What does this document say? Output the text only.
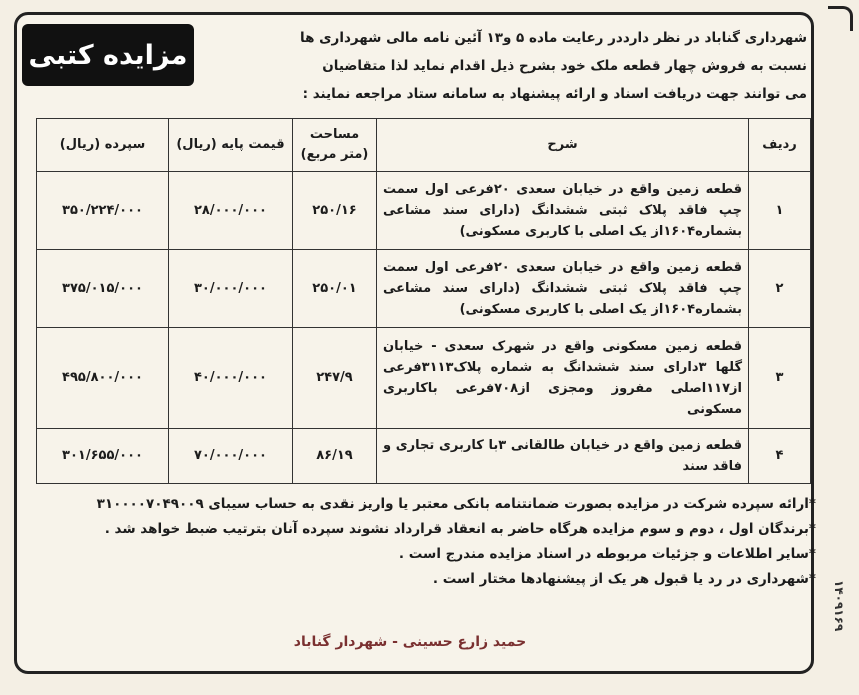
مزایده کتبی
شهرداری گناباد در نظر دارددر رعایت ماده ۵ و۱۳ آئین نامه مالی شهرداری ها
نسبت به فروش چهار قطعه ملک خود بشرح ذیل اقدام نماید لذا متقاضیان
می توانند جهت دریافت اسناد و ارائه پیشنهاد به سامانه ستاد مراجعه نمایند :
ردیف	شرح	مساحت (متر مربع)	قیمت پایه (ریال)	سپرده (ریال)
۱	قطعه زمین واقع در خیابان سعدی ۲۰فرعی اول سمت چپ فاقد پلاک ثبتی ششدانگ (دارای سند مشاعی بشماره۱۶۰۴از یک اصلی با کاربری مسکونی)	۲۵۰/۱۶	۲۸/۰۰۰/۰۰۰	۳۵۰/۲۲۴/۰۰۰
۲	قطعه زمین واقع در خیابان سعدی ۲۰فرعی اول سمت چپ فاقد پلاک ثبتی ششدانگ (دارای سند مشاعی بشماره۱۶۰۴از یک اصلی با کاربری مسکونی)	۲۵۰/۰۱	۳۰/۰۰۰/۰۰۰	۳۷۵/۰۱۵/۰۰۰
۳	قطعه زمین مسکونی واقع در شهرک سعدی - خیابان گلها ۳دارای سند ششدانگ به شماره پلاک۳۱۱۳فرعی از۱۱۷اصلی مفروز ومجزی از۷۰۸فرعی باکاربری مسکونی	۲۴۷/۹	۴۰/۰۰۰/۰۰۰	۴۹۵/۸۰۰/۰۰۰
۴	قطعه زمین واقع در خیابان طالقانی ۳با کاربری تجاری و فاقد سند	۸۶/۱۹	۷۰/۰۰۰/۰۰۰	۳۰۱/۶۵۵/۰۰۰

*ارائه سپرده شرکت در مزایده بصورت ضمانتنامه بانکی معتبر یا واریز نقدی به حساب سیبای ۳۱۰۰۰۰۷۰۴۹۰۰۹

*برندگان اول ، دوم و سوم مزایده هرگاه حاضر به انعقاد قرارداد نشوند سپرده آنان بترتیب ضبط خواهد شد .

*سایر اطلاعات و جزئیات مربوطه در اسناد مزایده مندرج است .

*شهرداری در رد یا قبول هر یک از پیشنهادها مختار است .

حمید زارع حسینی - شهردار گناباد
۱۴۰۹۱۶۹
